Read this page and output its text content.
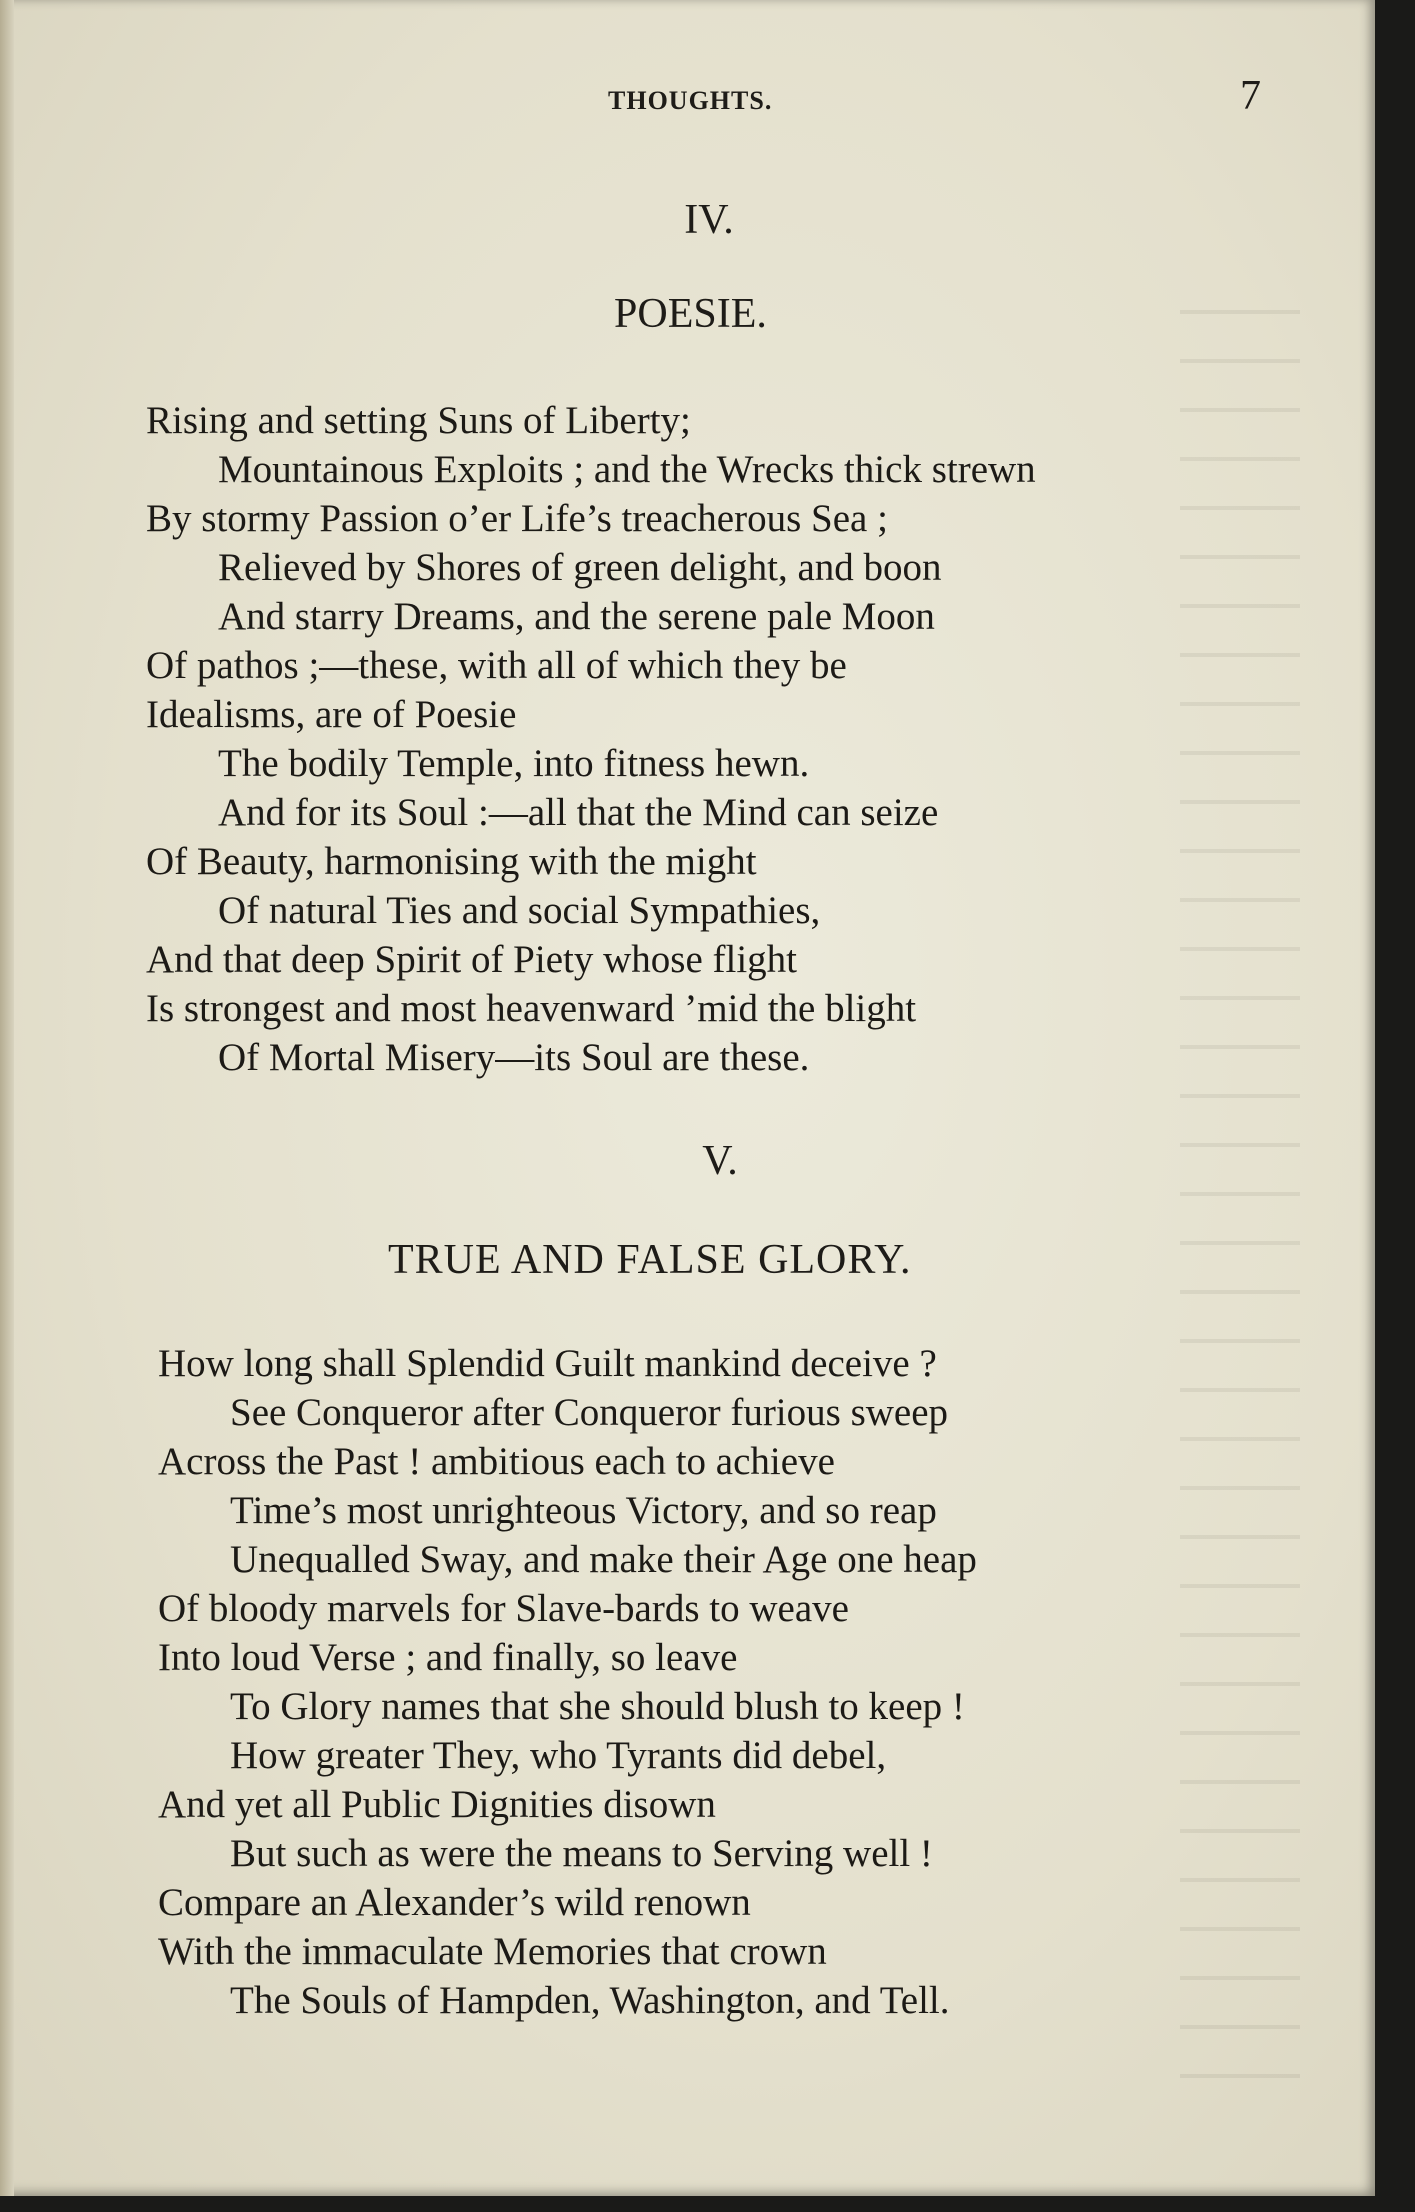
THOUGHTS.	7
IV.
POESIE.
Rising and setting Suns of Liberty;
Mountainous Exploits ; and the Wrecks thick strewn
By stormy Passion o’er Life’s treacherous Sea ;
Relieved by Shores of green delight, and boon
And starry Dreams, and the serene pale Moon
Of pathos ;—these, with all of which they be
Idealisms, are of Poesie
The bodily Temple, into fitness hewn.
And for its Soul :—all that the Mind can seize
Of Beauty, harmonising with the might
Of natural Ties and social Sympathies,
And that deep Spirit of Piety whose flight
Is strongest and most heavenward ’mid the blight
Of Mortal Misery—its Soul are these.
V.
TRUE AND FALSE GLORY.
How long shall Splendid Guilt mankind deceive ?
See Conqueror after Conqueror furious sweep
Across the Past ! ambitious each to achieve
Time’s most unrighteous Victory, and so reap
Unequalled Sway, and make their Age one heap
Of bloody marvels for Slave-bards to weave
Into loud Verse ; and finally, so leave
To Glory names that she should blush to keep !
How greater They, who Tyrants did debel,
And yet all Public Dignities disown
But such as were the means to Serving well !
Compare an Alexander’s wild renown
With the immaculate Memories that crown
The Souls of Hampden, Washington, and Tell.
